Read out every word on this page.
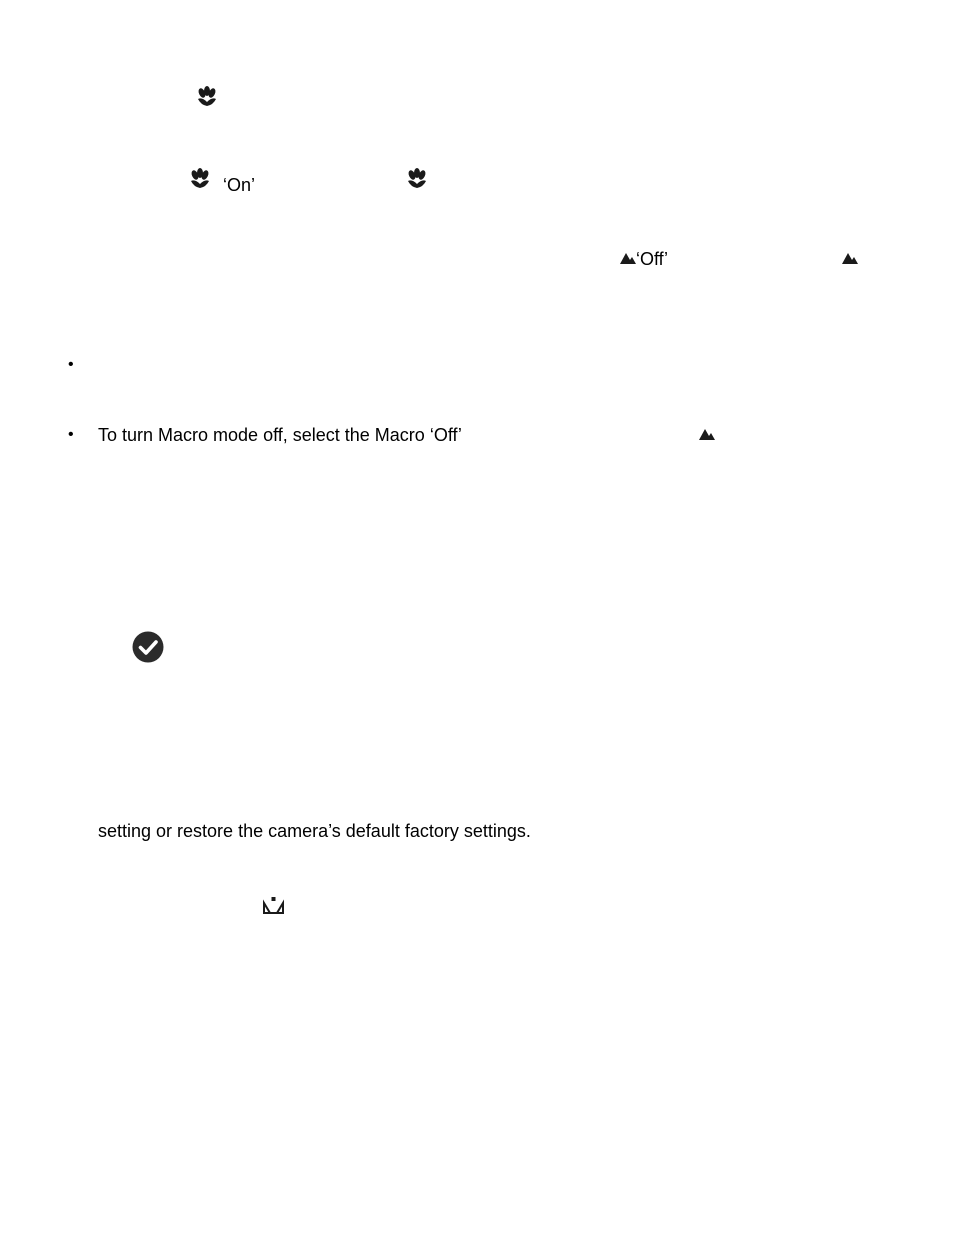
‘On’
‘Off’
•
• To turn Macro mode off, select the Macro ‘Off’
setting or restore the camera’s default factory settings.
